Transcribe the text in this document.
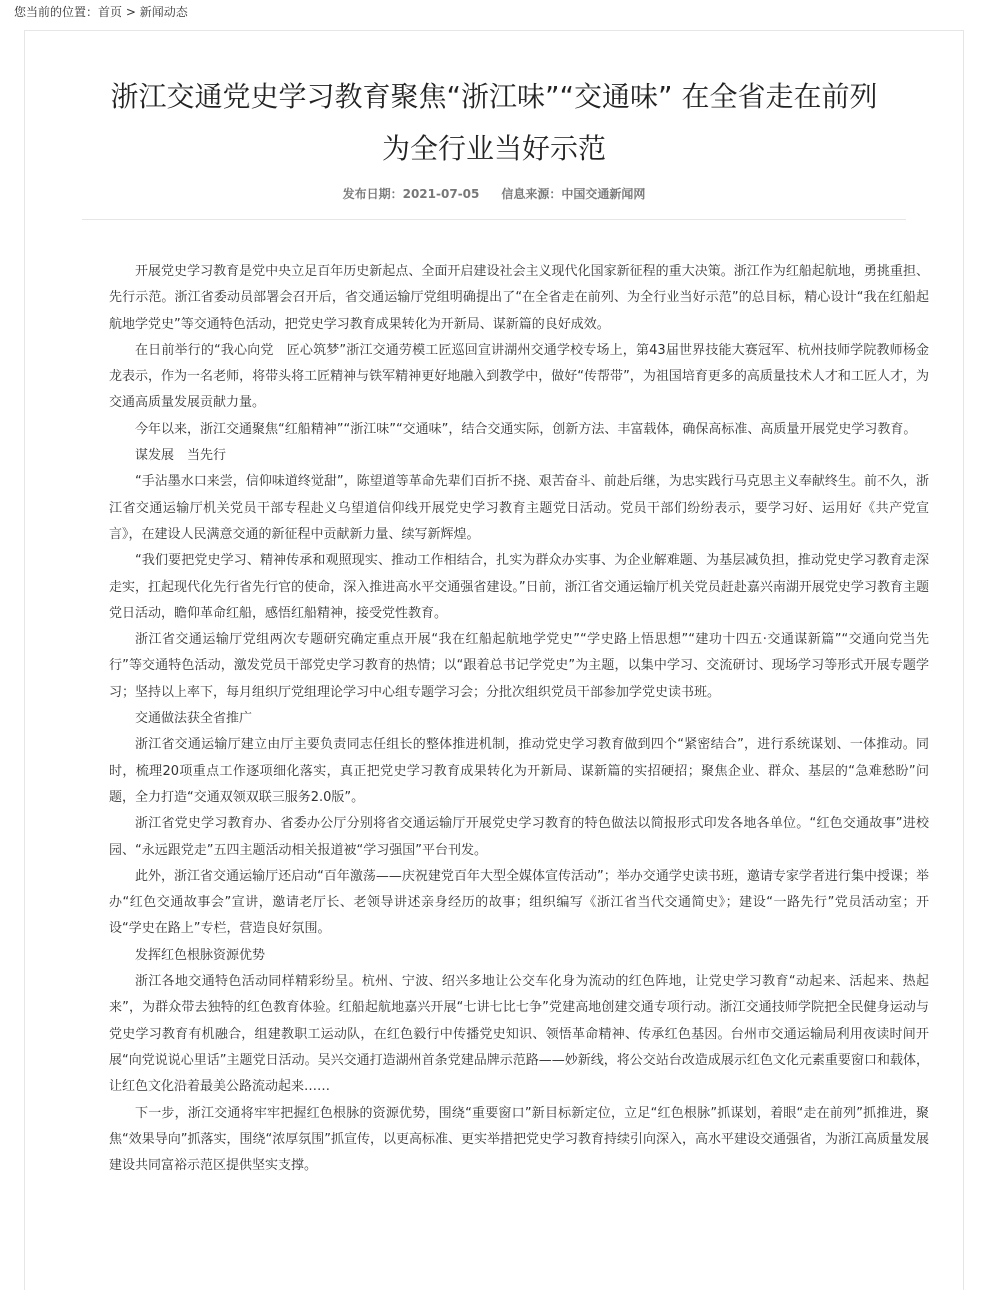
您当前的位置：首页 > 新闻动态
浙江交通党史学习教育聚焦“浙江味”“交通味” 在全省走在前列
为全行业当好示范
发布日期：2021-07-05 信息来源：中国交通新闻网

开展党史学习教育是党中央立足百年历史新起点、全面开启建设社会主义现代化国家新征程的重大决策。浙江作为红船起航地，勇挑重担、先行示范。浙江省委动员部署会召开后，省交通运输厅党组明确提出了“在全省走在前列、为全行业当好示范”的总目标，精心设计“我在红船起航地学党史”等交通特色活动，把党史学习教育成果转化为开新局、谋新篇的良好成效。

在日前举行的“我心向党　匠心筑梦”浙江交通劳模工匠巡回宣讲湖州交通学校专场上，第43届世界技能大赛冠军、杭州技师学院教师杨金龙表示，作为一名老师，将带头将工匠精神与铁军精神更好地融入到教学中，做好“传帮带”，为祖国培育更多的高质量技术人才和工匠人才，为交通高质量发展贡献力量。

今年以来，浙江交通聚焦“红船精神”“浙江味”“交通味”，结合交通实际，创新方法、丰富载体，确保高标准、高质量开展党史学习教育。

谋发展　当先行

“手沾墨水口来尝，信仰味道终觉甜”，陈望道等革命先辈们百折不挠、艰苦奋斗、前赴后继，为忠实践行马克思主义奉献终生。前不久，浙江省交通运输厅机关党员干部专程赴义乌望道信仰线开展党史学习教育主题党日活动。党员干部们纷纷表示，要学习好、运用好《共产党宣言》，在建设人民满意交通的新征程中贡献新力量、续写新辉煌。

“我们要把党史学习、精神传承和观照现实、推动工作相结合，扎实为群众办实事、为企业解难题、为基层减负担，推动党史学习教育走深走实，扛起现代化先行省先行官的使命，深入推进高水平交通强省建设。”日前，浙江省交通运输厅机关党员赶赴嘉兴南湖开展党史学习教育主题党日活动，瞻仰革命红船，感悟红船精神，接受党性教育。

浙江省交通运输厅党组两次专题研究确定重点开展“我在红船起航地学党史”“学史路上悟思想”“建功十四五·交通谋新篇”“交通向党当先行”等交通特色活动，激发党员干部党史学习教育的热情；以“跟着总书记学党史”为主题，以集中学习、交流研讨、现场学习等形式开展专题学习；坚持以上率下，每月组织厅党组理论学习中心组专题学习会；分批次组织党员干部参加学党史读书班。

交通做法获全省推广

浙江省交通运输厅建立由厅主要负责同志任组长的整体推进机制，推动党史学习教育做到四个“紧密结合”，进行系统谋划、一体推动。同时，梳理20项重点工作逐项细化落实，真正把党史学习教育成果转化为开新局、谋新篇的实招硬招；聚焦企业、群众、基层的“急难愁盼”问题，全力打造“交通双领双联三服务2.0版”。

浙江省党史学习教育办、省委办公厅分别将省交通运输厅开展党史学习教育的特色做法以简报形式印发各地各单位。“红色交通故事”进校园、“永远跟党走”五四主题活动相关报道被“学习强国”平台刊发。

此外，浙江省交通运输厅还启动“百年激荡——庆祝建党百年大型全媒体宣传活动”；举办交通学史读书班，邀请专家学者进行集中授课；举办“红色交通故事会”宣讲，邀请老厅长、老领导讲述亲身经历的故事；组织编写《浙江省当代交通简史》；建设“一路先行”党员活动室；开设“学史在路上”专栏，营造良好氛围。

发挥红色根脉资源优势

浙江各地交通特色活动同样精彩纷呈。杭州、宁波、绍兴多地让公交车化身为流动的红色阵地，让党史学习教育“动起来、活起来、热起来”，为群众带去独特的红色教育体验。红船起航地嘉兴开展“七讲七比七争”党建高地创建交通专项行动。浙江交通技师学院把全民健身运动与党史学习教育有机融合，组建教职工运动队，在红色毅行中传播党史知识、领悟革命精神、传承红色基因。台州市交通运输局利用夜读时间开展“向党说说心里话”主题党日活动。吴兴交通打造湖州首条党建品牌示范路——妙新线，将公交站台改造成展示红色文化元素重要窗口和载体，让红色文化沿着最美公路流动起来……

下一步，浙江交通将牢牢把握红色根脉的资源优势，围绕“重要窗口”新目标新定位，立足“红色根脉”抓谋划，着眼“走在前列”抓推进，聚焦“效果导向”抓落实，围绕“浓厚氛围”抓宣传，以更高标准、更实举措把党史学习教育持续引向深入，高水平建设交通强省，为浙江高质量发展建设共同富裕示范区提供坚实支撑。
